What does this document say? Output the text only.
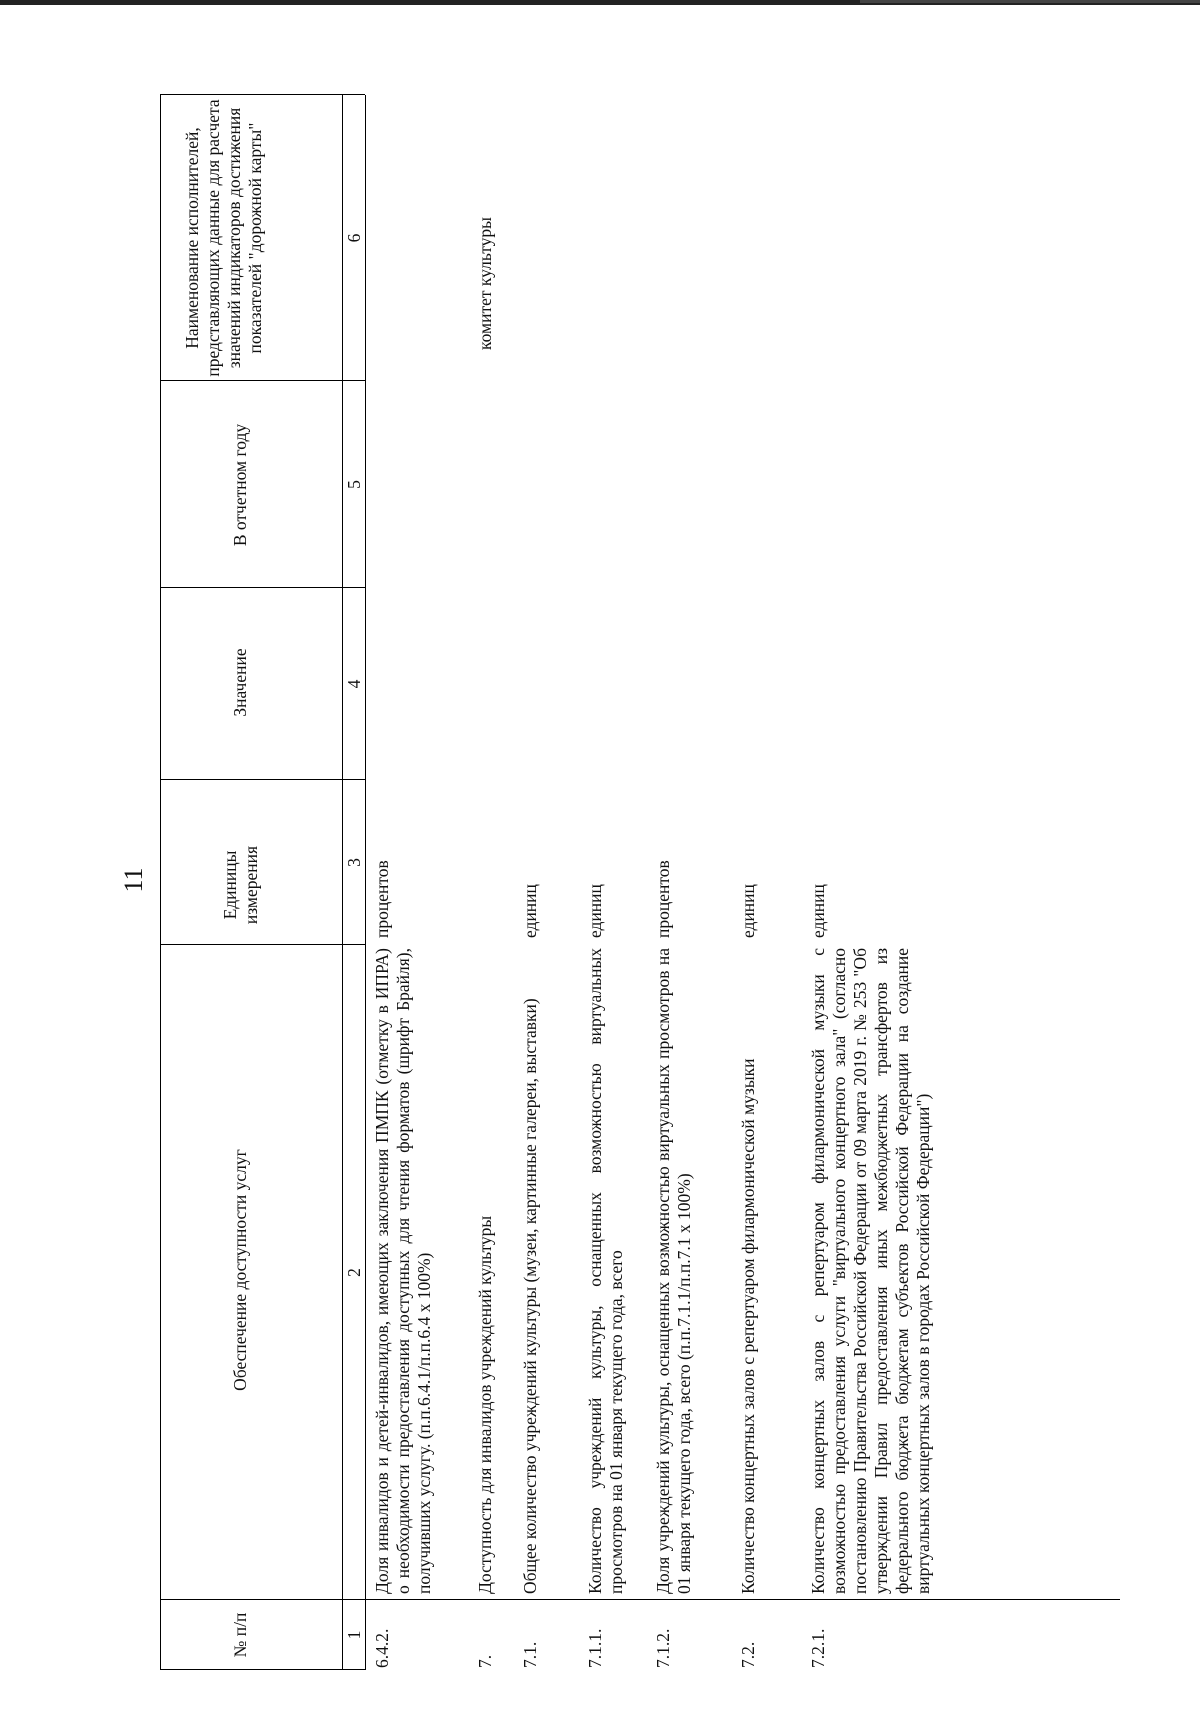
11
№ п/п
Обеспечение доступности услуг
Единицы измерения
Значение
В отчетном году
Наименование исполнителей, представляющих данные для расчета значений индикаторов достижения показателей "дорожной карты"
1
2
3
4
5
6
6.4.2.
Доля инвалидов и детей-инвалидов, имеющих заключения ПМПК (отметку в ИПРА) о необходимости предоставления доступных для чтения форматов (шрифт Брайля), получивших услугу. (п.п.6.4.1/п.п.6.4 х 100%)
процентов
7.
Доступность для инвалидов учреждений культуры
комитет культуры
7.1.
Общее количество учреждений культуры (музеи, картинные галереи, выставки)
единиц
7.1.1.
Количество учреждений культуры, оснащенных возможностью виртуальных просмотров на 01 января текущего года, всего
единиц
7.1.2.
Доля учреждений культуры, оснащенных возможностью виртуальных просмотров на 01 января текущего года, всего (п.п.7.1.1/п.п.7.1 х 100%)
процентов
7.2.
Количество концертных залов с репертуаром филармонической музыки
единиц
7.2.1.
Количество концертных залов с репертуаром филармонической музыки с возможностью предоставления услуги "виртуального концертного зала" (согласно постановлению Правительства Российской Федерации от 09 марта 2019 г. № 253 "Об утверждении Правил предоставления иных межбюджетных трансфертов из федерального бюджета бюджетам субъектов Российской Федерации на создание виртуальных концертных залов в городах Российской Федерации")
единиц
